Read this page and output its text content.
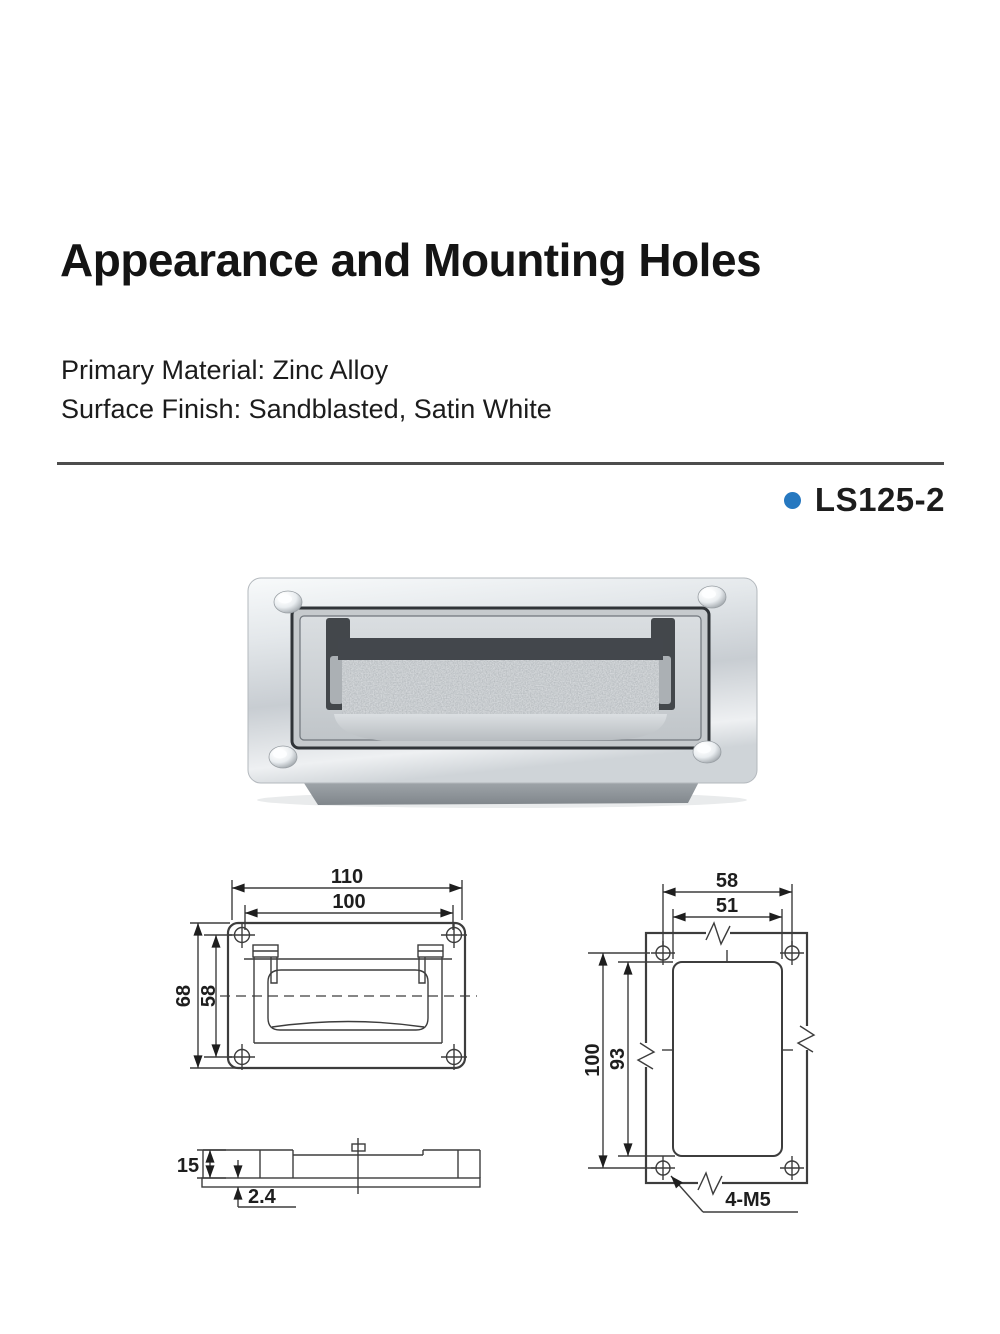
Appearance and Mounting Holes
Primary Material: Zinc Alloy
Surface Finish: Sandblasted, Satin White
LS125-2
110
100
68 58
15
2.4
58
51
100 93
4-M5
